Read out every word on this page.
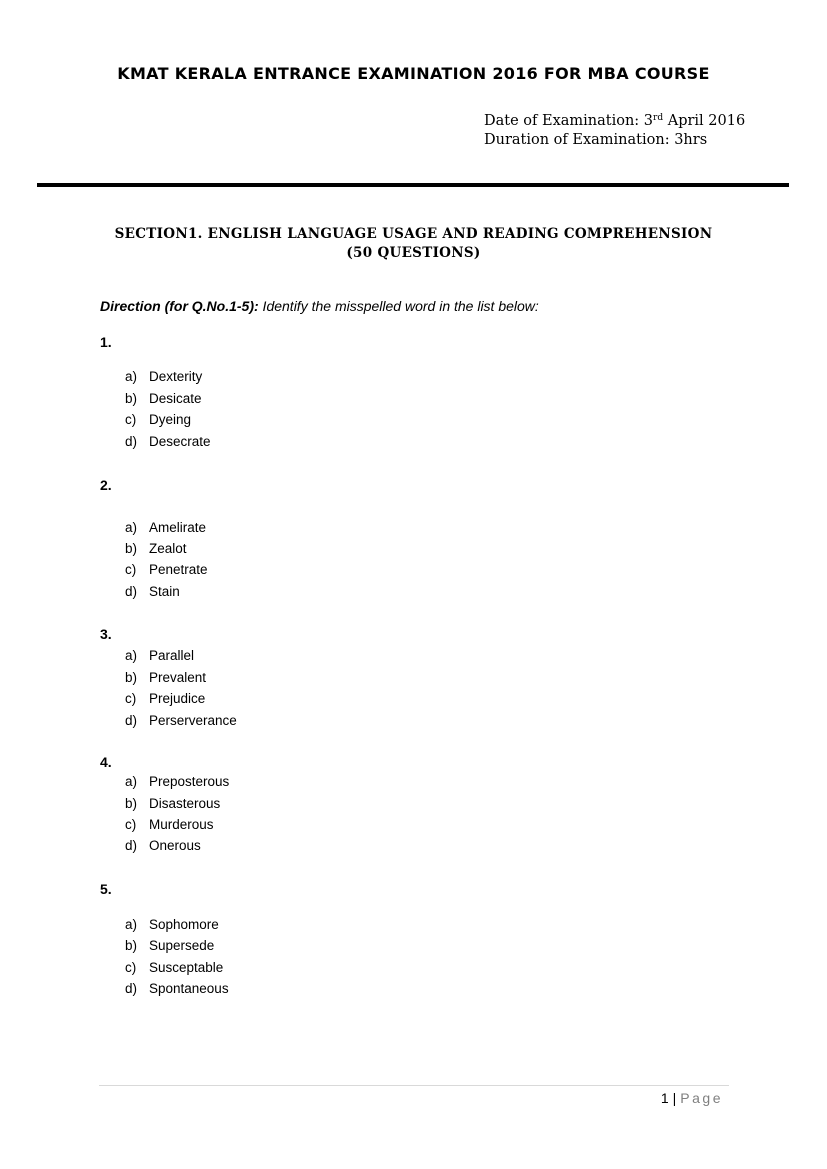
KMAT KERALA ENTRANCE EXAMINATION 2016 FOR MBA COURSE
Date of Examination: 3rd April 2016
Duration of Examination: 3hrs
SECTION1. ENGLISH LANGUAGE USAGE AND READING COMPREHENSION
(50 QUESTIONS)
Direction (for Q.No.1-5): Identify the misspelled word in the list below:
1.
a) Dexterity
b) Desicate
c) Dyeing
d) Desecrate
2.
a) Amelirate
b) Zealot
c) Penetrate
d) Stain
3.
a) Parallel
b) Prevalent
c) Prejudice
d) Perserverance
4.
a) Preposterous
b) Disasterous
c) Murderous
d) Onerous
5.
a) Sophomore
b) Supersede
c) Susceptable
d) Spontaneous
1 | Page
